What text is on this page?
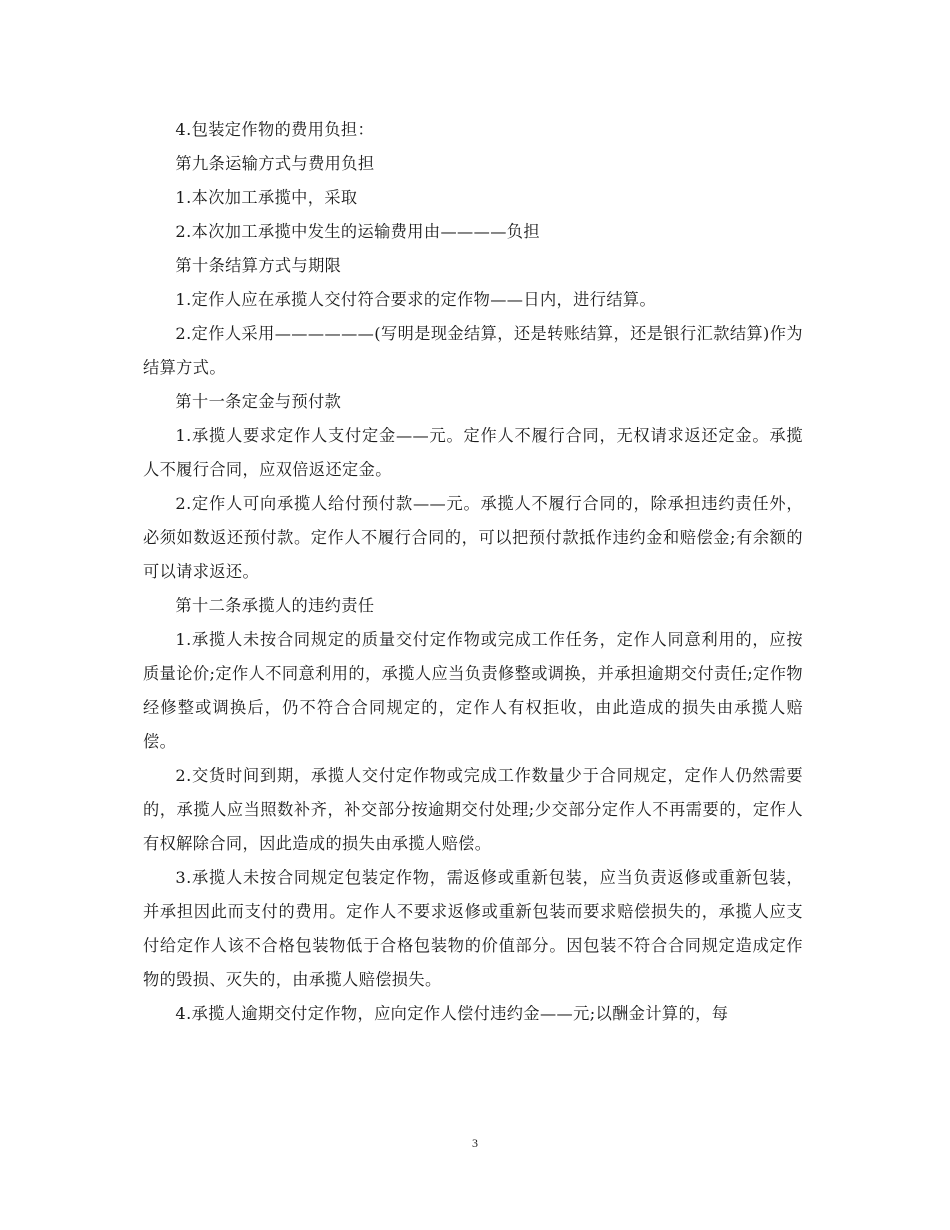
4.包装定作物的费用负担：

第九条运输方式与费用负担

1.本次加工承揽中，采取

2.本次加工承揽中发生的运输费用由————负担

第十条结算方式与期限

1.定作人应在承揽人交付符合要求的定作物——日内，进行结算。

2.定作人采用——————(写明是现金结算，还是转账结算，还是银行汇款结算)作为结算方式。

第十一条定金与预付款

1.承揽人要求定作人支付定金——元。定作人不履行合同，无权请求返还定金。承揽人不履行合同，应双倍返还定金。

2.定作人可向承揽人给付预付款——元。承揽人不履行合同的，除承担违约责任外，必须如数返还预付款。定作人不履行合同的，可以把预付款抵作违约金和赔偿金;有余额的可以请求返还。

第十二条承揽人的违约责任

1.承揽人未按合同规定的质量交付定作物或完成工作任务，定作人同意利用的，应按质量论价;定作人不同意利用的，承揽人应当负责修整或调换，并承担逾期交付责任;定作物经修整或调换后，仍不符合合同规定的，定作人有权拒收，由此造成的损失由承揽人赔偿。

2.交货时间到期，承揽人交付定作物或完成工作数量少于合同规定，定作人仍然需要的，承揽人应当照数补齐，补交部分按逾期交付处理;少交部分定作人不再需要的，定作人有权解除合同，因此造成的损失由承揽人赔偿。

3.承揽人未按合同规定包装定作物，需返修或重新包装，应当负责返修或重新包装，并承担因此而支付的费用。定作人不要求返修或重新包装而要求赔偿损失的，承揽人应支付给定作人该不合格包装物低于合格包装物的价值部分。因包装不符合合同规定造成定作物的毁损、灭失的，由承揽人赔偿损失。

4.承揽人逾期交付定作物，应向定作人偿付违约金——元;以酬金计算的，每

3
